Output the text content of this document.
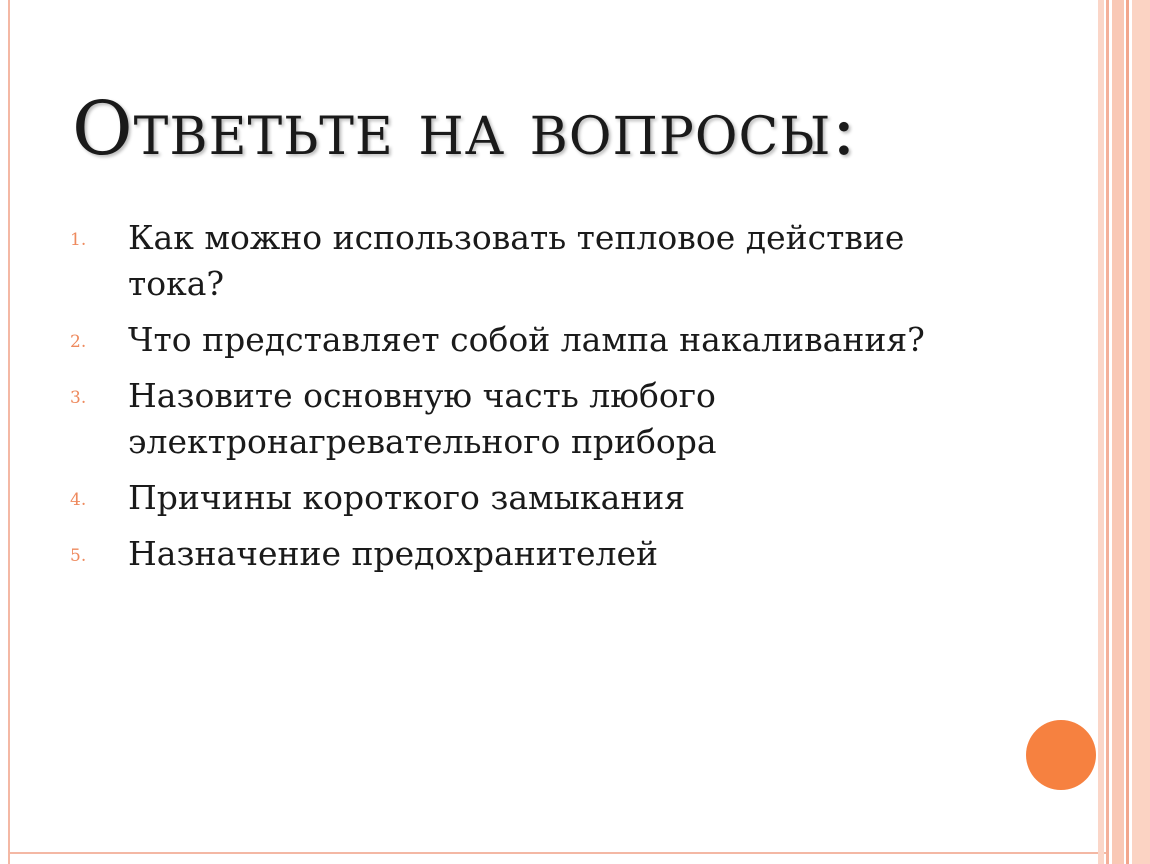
Ответьте на вопросы:
1. Как можно использовать тепловое действие тока?
2. Что представляет собой лампа накаливания?
3. Назовите основную часть любого электронагревательного прибора
4. Причины короткого замыкания
5. Назначение предохранителей
